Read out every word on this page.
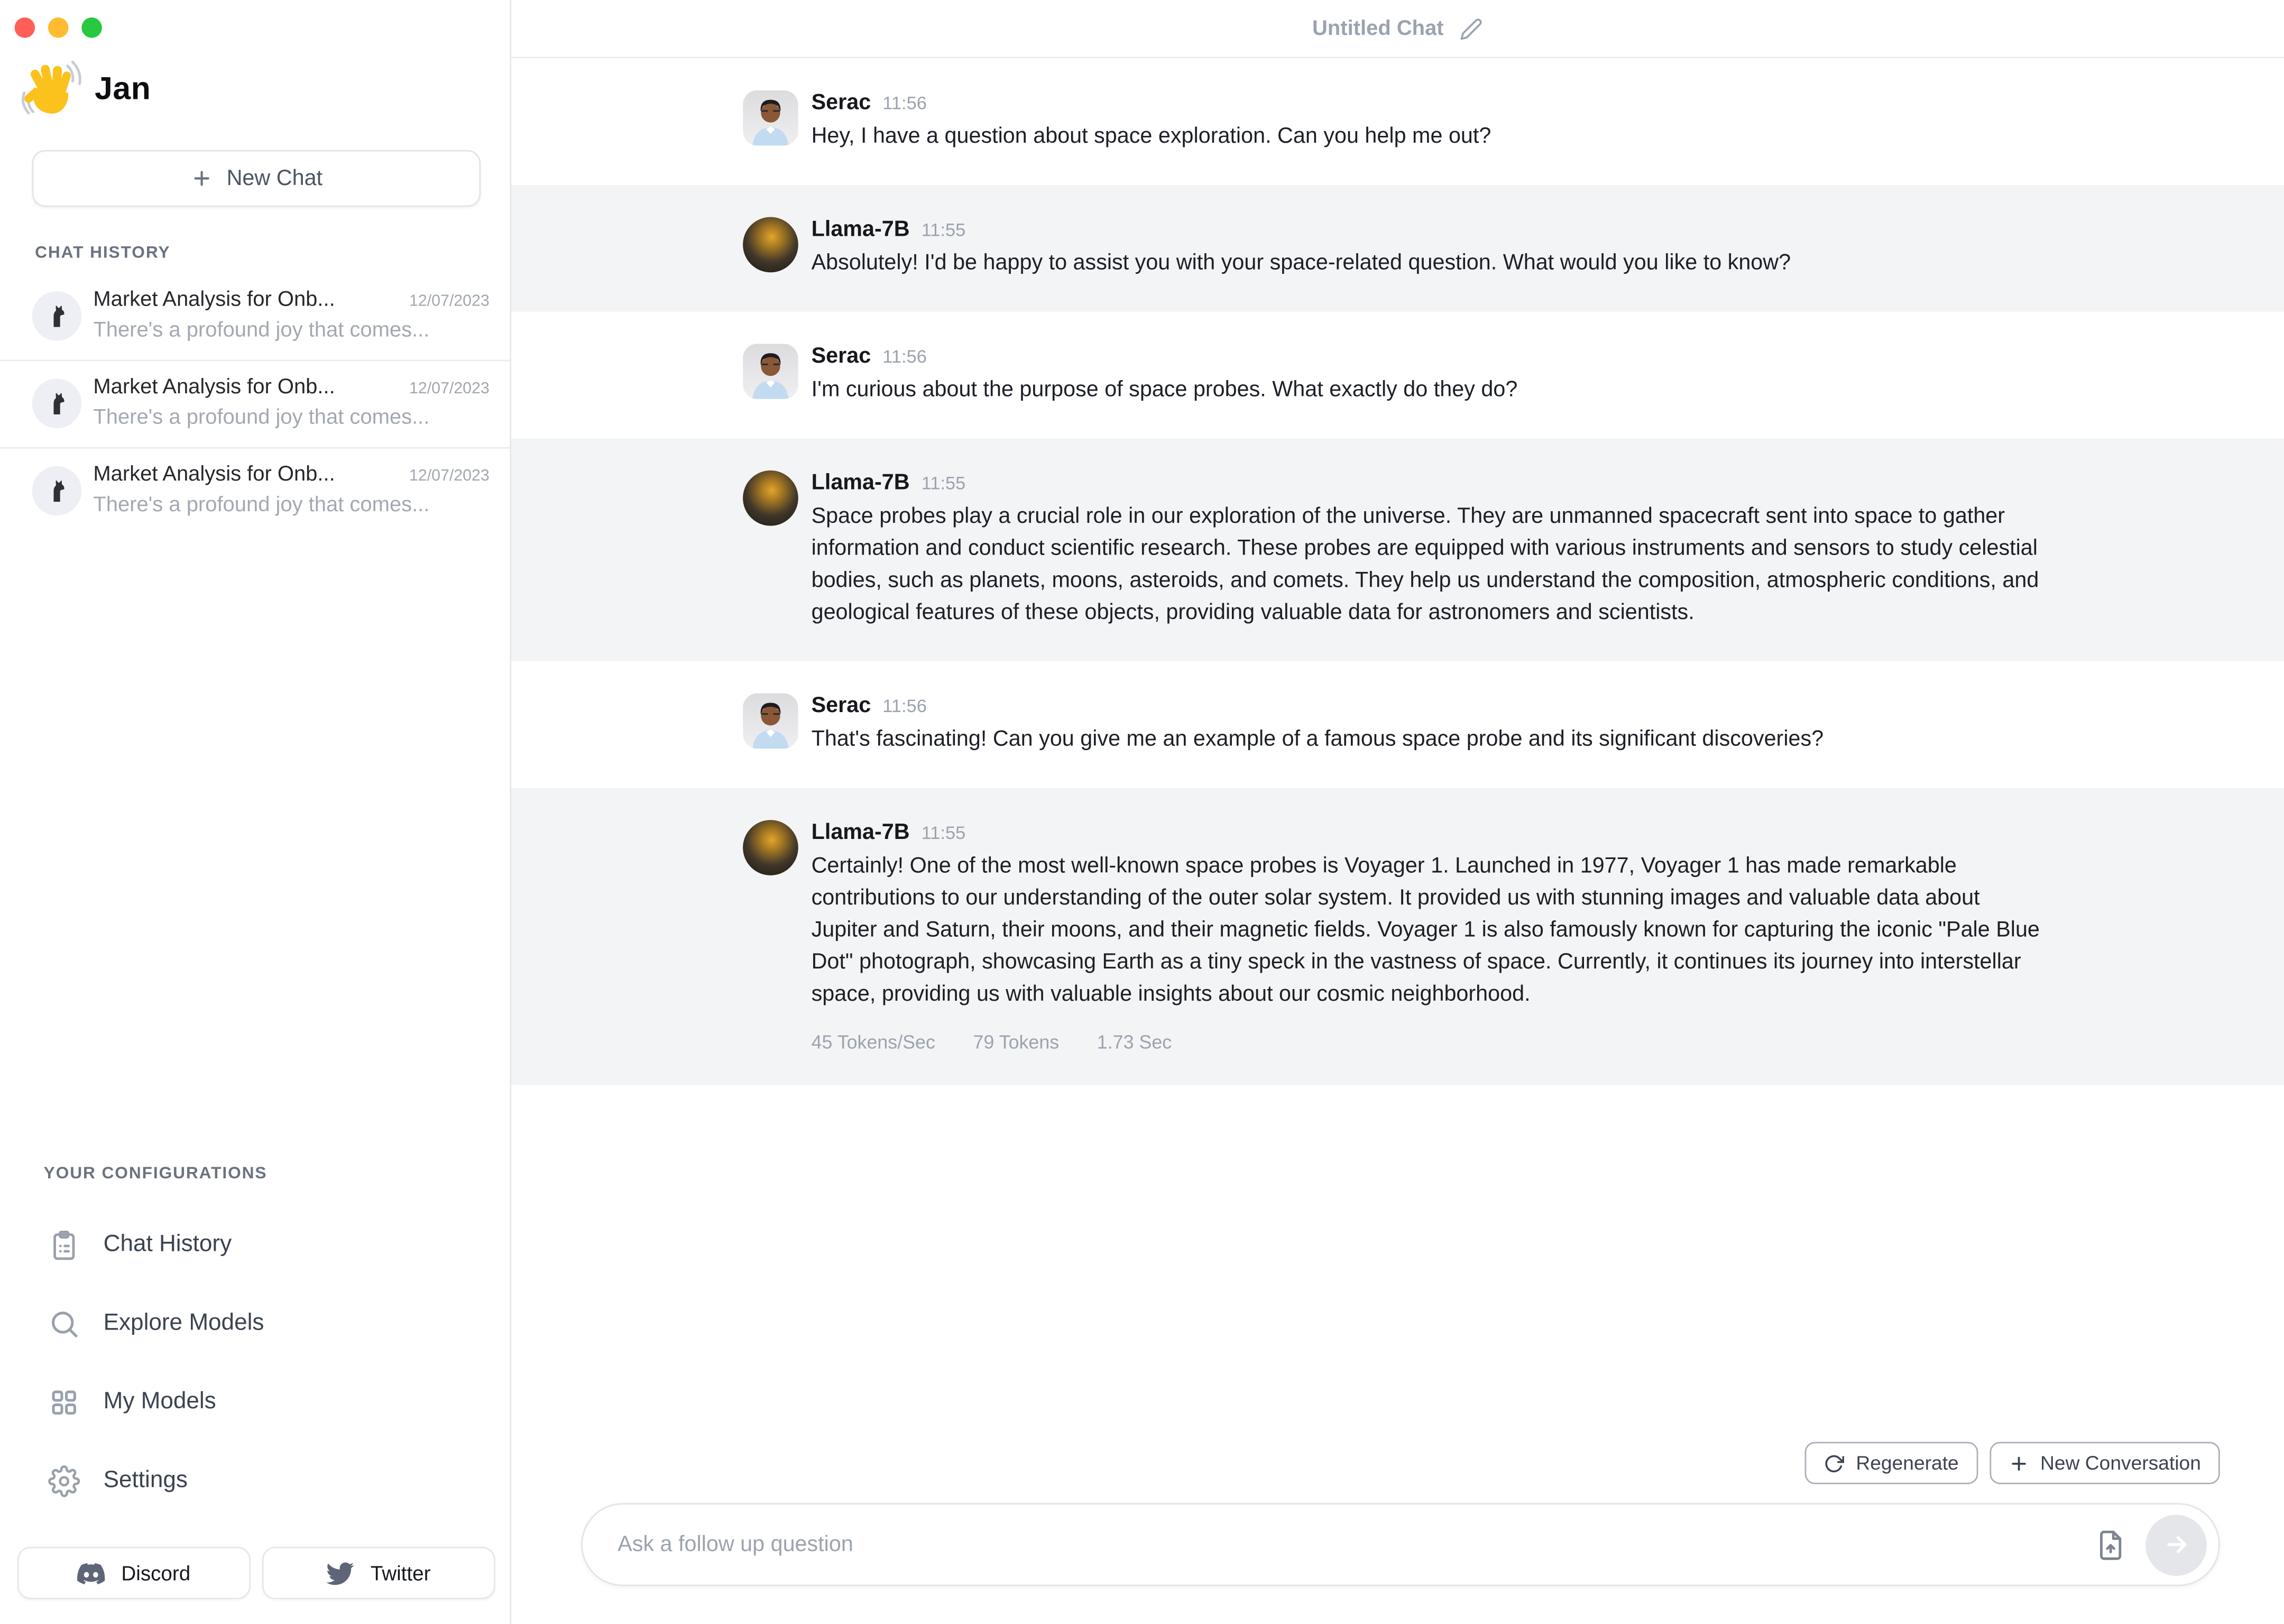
Jan
New Chat
CHAT HISTORY
Market Analysis for Onb...	12/07/2023
There's a profound joy that comes...
Market Analysis for Onb...	12/07/2023
There's a profound joy that comes...
Market Analysis for Onb...	12/07/2023
There's a profound joy that comes...
YOUR CONFIGURATIONS
Chat History
Explore Models
My Models
Settings
Discord	Twitter
Untitled Chat
Serac 11:56
Hey, I have a question about space exploration. Can you help me out?
Llama-7B 11:55
Absolutely! I'd be happy to assist you with your space-related question. What would you like to know?
Serac 11:56
I'm curious about the purpose of space probes. What exactly do they do?
Llama-7B 11:55
Space probes play a crucial role in our exploration of the universe. They are unmanned spacecraft sent into space to gather information and conduct scientific research. These probes are equipped with various instruments and sensors to study celestial bodies, such as planets, moons, asteroids, and comets. They help us understand the composition, atmospheric conditions, and geological features of these objects, providing valuable data for astronomers and scientists.
Serac 11:56
That's fascinating! Can you give me an example of a famous space probe and its significant discoveries?
Llama-7B 11:55
Certainly! One of the most well-known space probes is Voyager 1. Launched in 1977, Voyager 1 has made remarkable contributions to our understanding of the outer solar system. It provided us with stunning images and valuable data about Jupiter and Saturn, their moons, and their magnetic fields. Voyager 1 is also famously known for capturing the iconic "Pale Blue Dot" photograph, showcasing Earth as a tiny speck in the vastness of space. Currently, it continues its journey into interstellar space, providing us with valuable insights about our cosmic neighborhood.
45 Tokens/Sec	79 Tokens	1.73 Sec
Regenerate	New Conversation
Ask a follow up question
